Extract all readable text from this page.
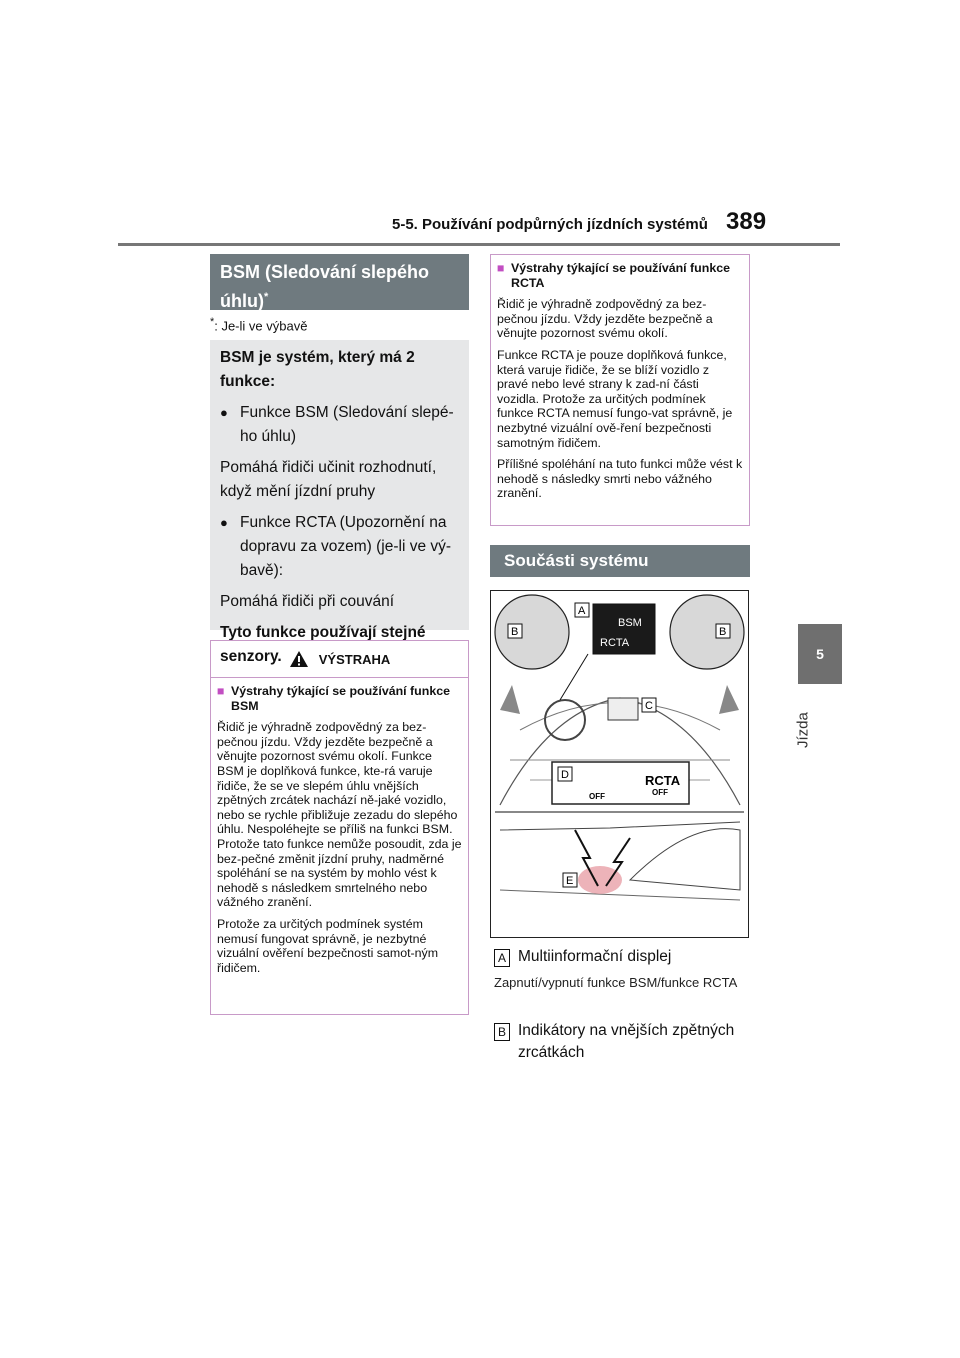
5-5. Používání podpůrných jízdních systémů 389
5
Jízda
BSM (Sledování slepého úhlu)*
*: Je-li ve výbavě

BSM je systém, který má 2 funkce:

● Funkce BSM (Sledování slepé-ho úhlu)

Pomáhá řidiči učinit rozhodnutí, když mění jízdní pruhy

● Funkce RCTA (Upozornění na dopravu za vozem) (je-li ve vý-bavě):

Pomáhá řidiči při couvání

Tyto funkce používají stejné senzory.	VÝSTRAHA

■ Výstrahy týkající se používání funkce BSM

Řidič je výhradně zodpovědný za bez-pečnou jízdu. Vždy jezděte bezpečně a věnujte pozornost svému okolí. Funkce BSM je doplňková funkce, kte-rá varuje řidiče, že se ve slepém úhlu vnějších zpětných zrcátek nachází ně-jaké vozidlo, nebo se rychle přibližuje zezadu do slepého úhlu. Nespoléhejte se příliš na funkci BSM. Protože tato funkce nemůže posoudit, zda je bez-pečné změnit jízdní pruhy, nadměrné spoléhání se na systém by mohlo vést k nehodě s následkem smrtelného nebo vážného zranění.

Protože za určitých podmínek systém nemusí fungovat správně, je nezbytné vizuální ověření bezpečnosti samot-ným řidičem.

■ Výstrahy týkající se používání funkce RCTA

Řidič je výhradně zodpovědný za bez-pečnou jízdu. Vždy jezděte bezpečně a věnujte pozornost svému okolí.

Funkce RCTA je pouze doplňková funkce, která varuje řidiče, že se blíží vozidlo z pravé nebo levé strany k zad-ní části vozidla. Protože za určitých podmínek funkce RCTA nemusí fungo-vat správně, je nezbytné vizuální ově-ření bezpečnosti samotným řidičem.

Přílišné spoléhání na tuto funkci může vést k nehodě s následky smrti nebo vážného zranění.

Součásti systému
BSM
RCTA
A
B	B
C
D
OFF
RCTA
OFF
E
A Multiinformační displej
Zapnutí/vypnutí funkce BSM/funkce RCTA
B Indikátory na vnějších zpětných zrcátkách
